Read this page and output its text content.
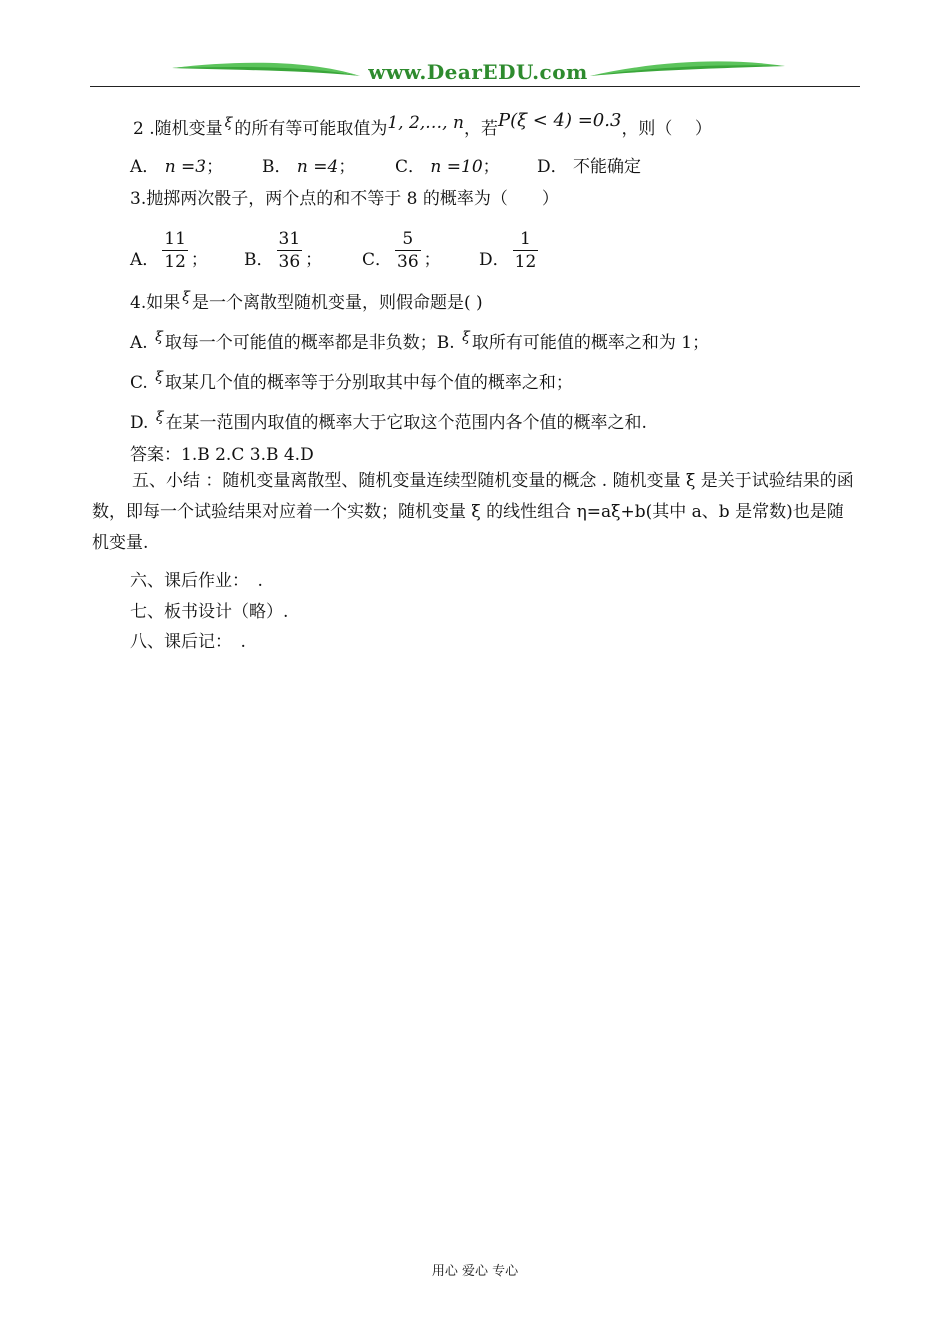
www.DearEDU.com
2 .随机变量 $^\xi$ 的所有等可能取值为1, 2,…, n，若P(ξ < 4) =0.3，则（　 ）
A． n =3； B． n =4； C． n =10； D． 不能确定
3.抛掷两次骰子，两个点的和不等于 8 的概率为（　　）
A． $\frac{11}{12}$ ； B． $\frac{31}{36}$ ； C． $\frac{5}{36}$ ； D． $\frac{1}{12}$
4.如果 $^\xi$ 是一个离散型随机变量，则假命题是( )
A. $^\xi$ 取每一个可能值的概率都是非负数；B. $^\xi$ 取所有可能值的概率之和为 1；
C. $^\xi$ 取某几个值的概率等于分别取其中每个值的概率之和；
D. $^\xi$ 在某一范围内取值的概率大于它取这个范围内各个值的概率之和.
答案：1.B 2.C 3.B 4.D
五、小结 ：随机变量离散型、随机变量连续型随机变量的概念 . 随机变量 ξ 是关于试验结果的函数，即每一个试验结果对应着一个实数；随机变量 ξ 的线性组合 η=aξ+b(其中 a、b 是常数)也是随机变量.
六、课后作业：　.
七、板书设计（略）.
八、课后记：　.
用心 爱心 专心
